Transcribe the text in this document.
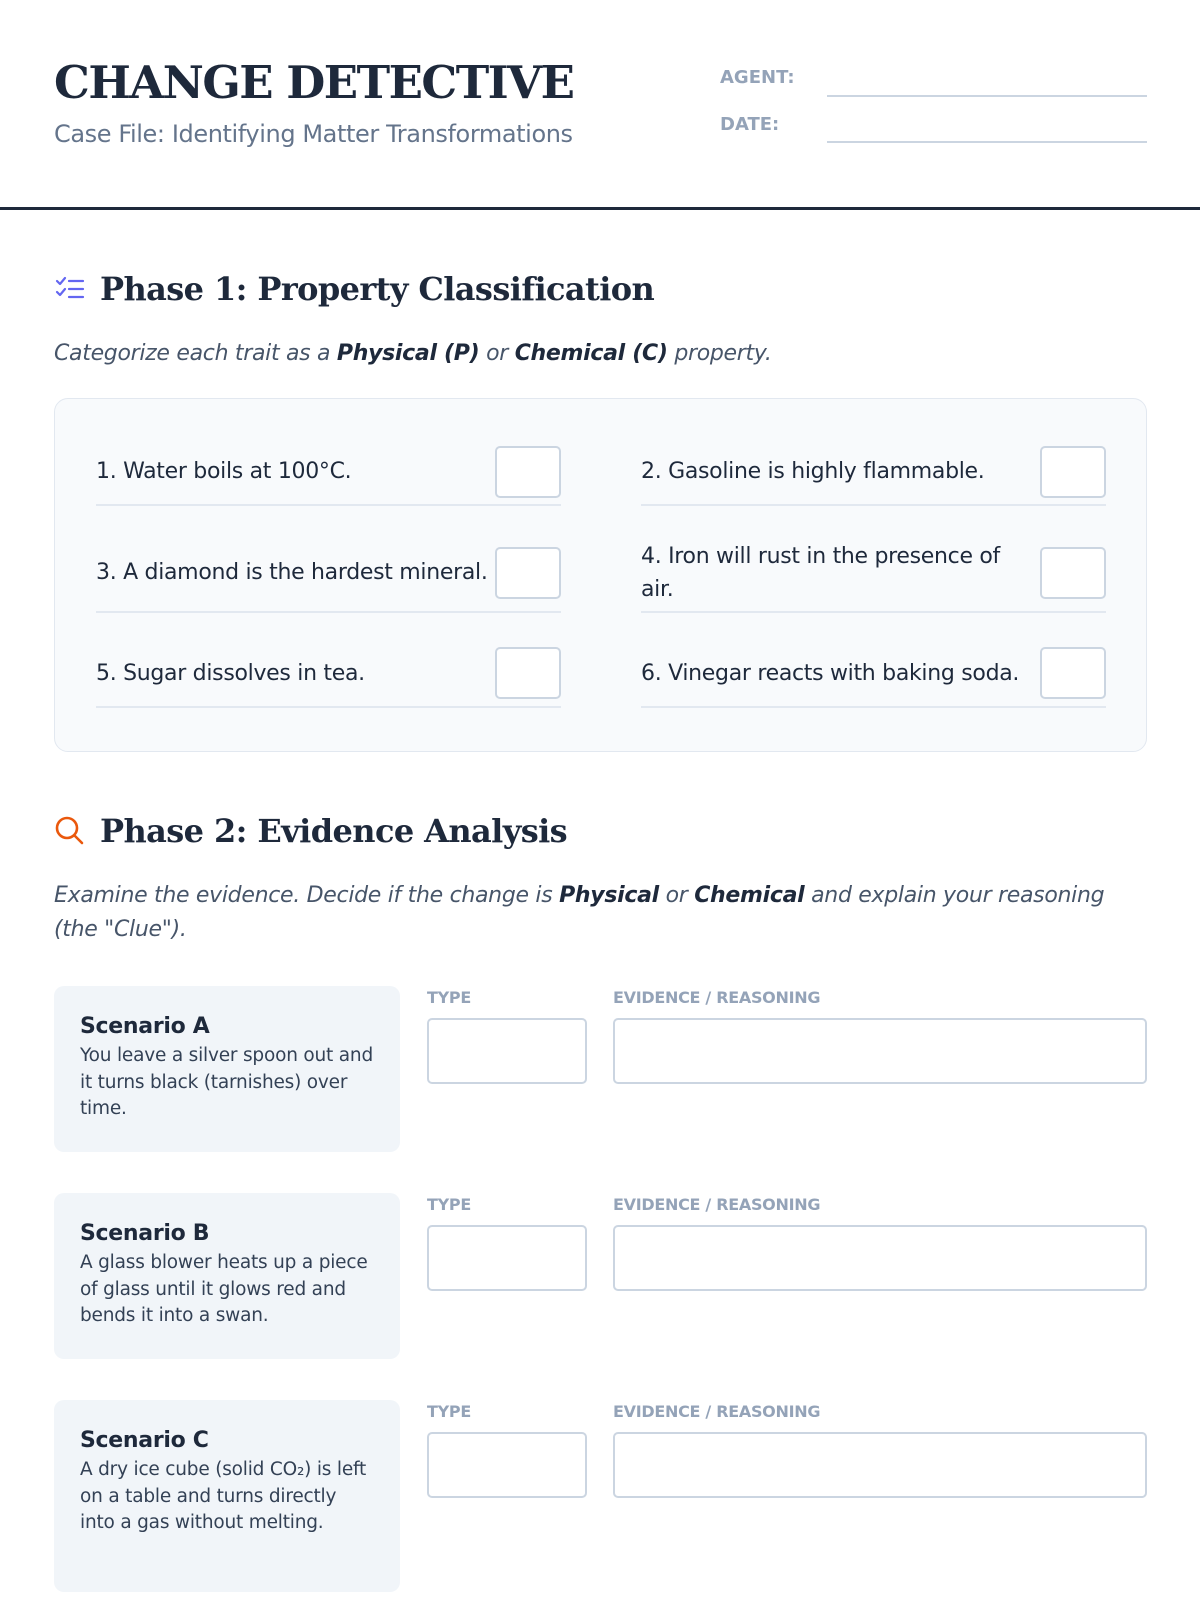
CHANGE DETECTIVE
Case File: Identifying Matter Transformations
AGENT:
DATE:
Phase 1: Property Classification
Categorize each trait as a Physical (P) or Chemical (C) property.
1. Water boils at 100°C.	2. Gasoline is highly flammable.
3. A diamond is the hardest mineral.
4. Iron will rust in the presence of air.
5. Sugar dissolves in tea.	6. Vinegar reacts with baking soda.
Phase 2: Evidence Analysis
Examine the evidence. Decide if the change is Physical or Chemical and explain your reasoning (the "Clue").
Scenario A
You leave a silver spoon out and it turns black (tarnishes) over time.
TYPE	EVIDENCE / REASONING
Scenario B
A glass blower heats up a piece of glass until it glows red and bends it into a swan.
TYPE	EVIDENCE / REASONING
Scenario C
A dry ice cube (solid CO₂) is left on a table and turns directly into a gas without melting.
TYPE	EVIDENCE / REASONING
